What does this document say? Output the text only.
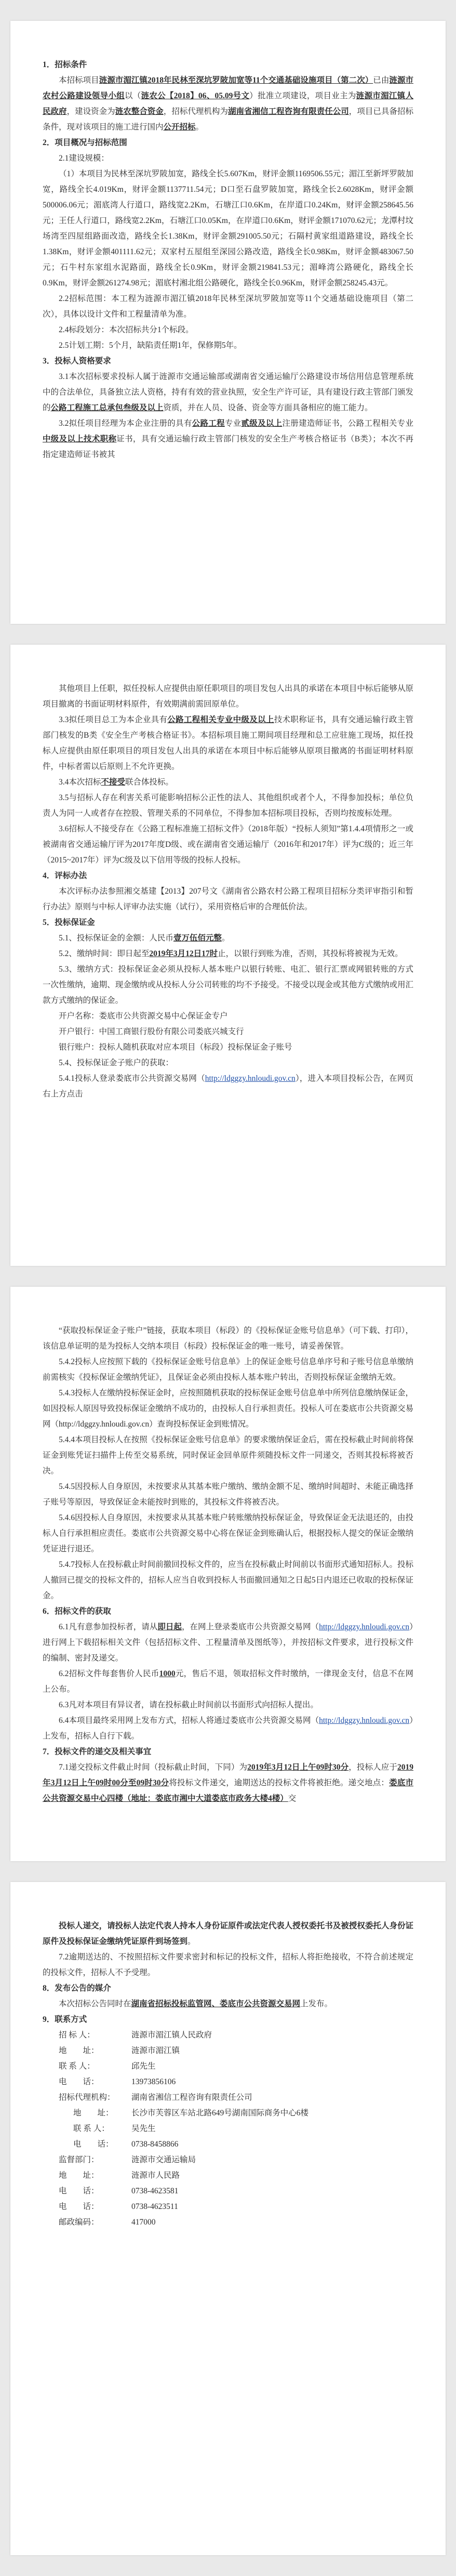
1．招标条件

本招标项目涟源市湄江镇2018年民林至深坑罗陂加宽等11个交通基础设施项目（第二次）已由涟源市农村公路建设领导小组以（涟农公【2018】06、05.09号文）批准立项建设，项目业主为涟源市湄江镇人民政府，建设资金为涟农整合资金，招标代理机构为湖南省湘信工程咨询有限责任公司，项目已具备招标条件，现对该项目的施工进行国内公开招标。

2．项目概况与招标范围

2.1建设规模：

（1）本项目为民林至深坑罗陂加宽，路线全长5.607Km，财评金额1169506.55元；湄江至新坪罗陂加宽，路线全长4.019Km，财评金额1137711.54元；D口至石盘罗陂加宽，路线全长2.6028Km，财评金额500006.06元；湄底湾人行道口，路线宽2.2Km，石塘江口0.6Km，在岸道口0.24Km，财评金额258645.56元；王任人行道口，路线宽2.2Km，石塘江口0.05Km，在岸道口0.6Km，财评金额171070.62元；龙潭村坟场湾至四屋组路面改造，路线全长1.38Km，财评金额291005.50元；石隔村黄家组道路建设，路线全长1.38Km，财评金额401111.62元；双家村五屋组至深园公路改造，路线全长0.98Km，财评金额483067.50元；石牛村东家组水泥路面，路线全长0.9Km，财评金额219841.53元；湄峰湾公路硬化，路线全长0.9Km，财评金额261274.98元；湄底村湘北组公路硬化，路线全长0.96Km，财评金额258245.43元。

2.2招标范围：本工程为涟源市湄江镇2018年民林至深坑罗陂加宽等11个交通基础设施项目（第二次），具体以设计文件和工程量清单为准。

2.4标段划分：本次招标共分1个标段。

2.5计划工期：5个月，缺陷责任期1年，保修期5年。

3．投标人资格要求

3.1本次招标要求投标人属于涟源市交通运输部或湖南省交通运输厅公路建设市场信用信息管理系统中的合法单位，具备独立法人资格，持有有效的营业执照，安全生产许可证，具有建设行政主管部门颁发的公路工程施工总承包叁级及以上资质，并在人员、设备、资金等方面具备相应的施工能力。

3.2拟任项目经理为本企业注册的具有公路工程专业贰级及以上注册建造师证书，公路工程相关专业中级及以上技术职称证书，具有交通运输行政主管部门核发的安全生产考核合格证书（B类）；本次不再指定建造师证书被其

其他项目上任职，拟任投标人应提供由原任职项目的项目发包人出具的承诺在本项目中标后能够从原项目撤离的书面证明材料原件，有效期满前需回原单位。

3.3拟任项目总工为本企业具有公路工程相关专业中级及以上技术职称证书，具有交通运输行政主管部门核发的B类《安全生产考核合格证书》。本招标项目施工期间项目经理和总工应驻施工现场，拟任投标人应提供由原任职项目的项目发包人出具的承诺在本项目中标后能够从原项目撤离的书面证明材料原件，中标者需以后原则上不允许更换。

3.4本次招标不接受联合体投标。

3.5与招标人存在利害关系可能影响招标公正性的法人、其他组织或者个人，不得参加投标；单位负责人为同一人或者存在控股、管理关系的不同单位，不得参加本招标项目投标，否则均按废标处理。

3.6招标人不接受存在《公路工程标准施工招标文件》（2018年版）“投标人须知”第1.4.4项情形之一或被湖南省交通运输厅评为2017年度D级、或在湖南省交通运输厅（2016年和2017年）评为C级的；近三年（2015~2017年）评为C级及以下信用等级的投标人投标。

4．评标办法

本次评标办法参照湘交基建【2013】207号文《湖南省公路农村公路工程项目招标分类评审指引和暂行办法》原则与中标人评审办法实施（试行），采用资格后审的合理低价法。

5．投标保证金

5.1、投标保证金的金额：人民币壹万伍佰元整。

5.2、缴纳时间：即日起至2019年3月12日17时止，以银行到账为准，否则，其投标将被视为无效。

5.3、缴纳方式：投标保证金必须从投标人基本账户以银行转账、电汇、银行汇票或网银转账的方式一次性缴纳，逾期、现金缴纳或从投标人分公司转账的均不予接受。不接受以现金或其他方式缴纳或用汇款方式缴纳的保证金。

开户名称：娄底市公共资源交易中心保证金专户

开户银行：中国工商银行股份有限公司娄底兴城支行

银行账户：投标人随机获取对应本项目（标段）投标保证金子账号

5.4、投标保证金子账户的获取：

5.4.1投标人登录娄底市公共资源交易网（http://ldggzy.hnloudi.gov.cn），进入本项目投标公告，在网页右上方点击

“获取投标保证金子账户”链接，获取本项目（标段）的《投标保证金账号信息单》（可下载、打印），该信息单证明的是为投标人交纳本项目（标段）投标保证金的唯一账号，请妥善保管。

5.4.2投标人应按照下载的《投标保证金账号信息单》上的保证金账号信息单序号和子账号信息单缴纳前需核实《投标保证金缴纳凭证》，且保证金必须由投标人基本账户转出，否则投标保证金缴纳无效。

5.4.3投标人在缴纳投标保证金时，应按照随机获取的投标保证金账号信息单中所列信息缴纳保证金，如因投标人原因导致投标保证金缴纳不成功的，由投标人自行承担责任。投标人可在娄底市公共资源交易网（http://ldggzy.hnloudi.gov.cn）查询投标保证金到账情况。

5.4.4本项目投标人在按照《投标保证金账号信息单》的要求缴纳保证金后，需在投标截止时间前将保证金到账凭证扫描件上传至交易系统，同时保证金回单原件须随投标文件一同递交，否则其投标将被否决。

5.4.5因投标人自身原因，未按要求从其基本账户缴纳、缴纳金额不足、缴纳时间超时、未能正确选择子账号等原因，导致保证金未能按时到账的，其投标文件将被否决。

5.4.6因投标人自身原因，未按要求从其基本账户转账缴纳投标保证金，导致保证金无法退还的，由投标人自行承担相应责任。娄底市公共资源交易中心将在保证金到账确认后，根据投标人提交的保证金缴纳凭证进行退还。

5.4.7投标人在投标截止时间前撤回投标文件的，应当在投标截止时间前以书面形式通知招标人。投标人撤回已提交的投标文件的，招标人应当自收到投标人书面撤回通知之日起5日内退还已收取的投标保证金。

6．招标文件的获取

6.1凡有意参加投标者，请从即日起，在网上登录娄底市公共资源交易网（http://ldggzy.hnloudi.gov.cn）进行网上下载招标相关文件（包括招标文件、工程量清单及图纸等），并按招标文件要求，进行投标文件的编制、密封及递交。

6.2招标文件每套售价人民币1000元，售后不退，领取招标文件时缴纳，一律现金支付，信息不在网上公布。

6.3凡对本项目有异议者，请在投标截止时间前以书面形式向招标人提出。

6.4本项目最终采用网上发布方式，招标人将通过娄底市公共资源交易网（http://ldggzy.hnloudi.gov.cn）上发布，招标人自行下载。

7．投标文件的递交及相关事宜

7.1递交投标文件截止时间（投标截止时间，下同）为2019年3月12日上午09时30分，投标人应于2019年3月12日上午09时00分至09时30分将投标文件递交，逾期送达的投标文件将被拒绝。递交地点：娄底市公共资源交易中心四楼（地址：娄底市湘中大道娄底市政务大楼4楼）交

投标人递交，请投标人法定代表人持本人身份证原件或法定代表人授权委托书及被授权委托人身份证原件及投标保证金缴纳凭证原件到场签到。

7.2逾期送达的、不按照招标文件要求密封和标记的投标文件，招标人将拒绝接收，不符合前述规定的投标文件，招标人不予受理。

8．发布公告的媒介

本次招标公告同时在湖南省招标投标监管网、娄底市公共资源交易网上发布。

9．联系方式

招 标 人：	涟源市湄江镇人民政府
地　　址：	涟源市湄江镇
联 系 人：	邱先生
电　　话：	13973856106
招标代理机构：	湖南省湘信工程咨询有限责任公司
地　　址：	长沙市芙蓉区车站北路649号湖南国际商务中心6楼
联 系 人：	吴先生
电　　话：	0738-8458866
监督部门：	涟源市交通运输局
地　　址：	涟源市人民路
电　　话：	0738-4623581
电　　话：	0738-4623511
邮政编码：	417000
